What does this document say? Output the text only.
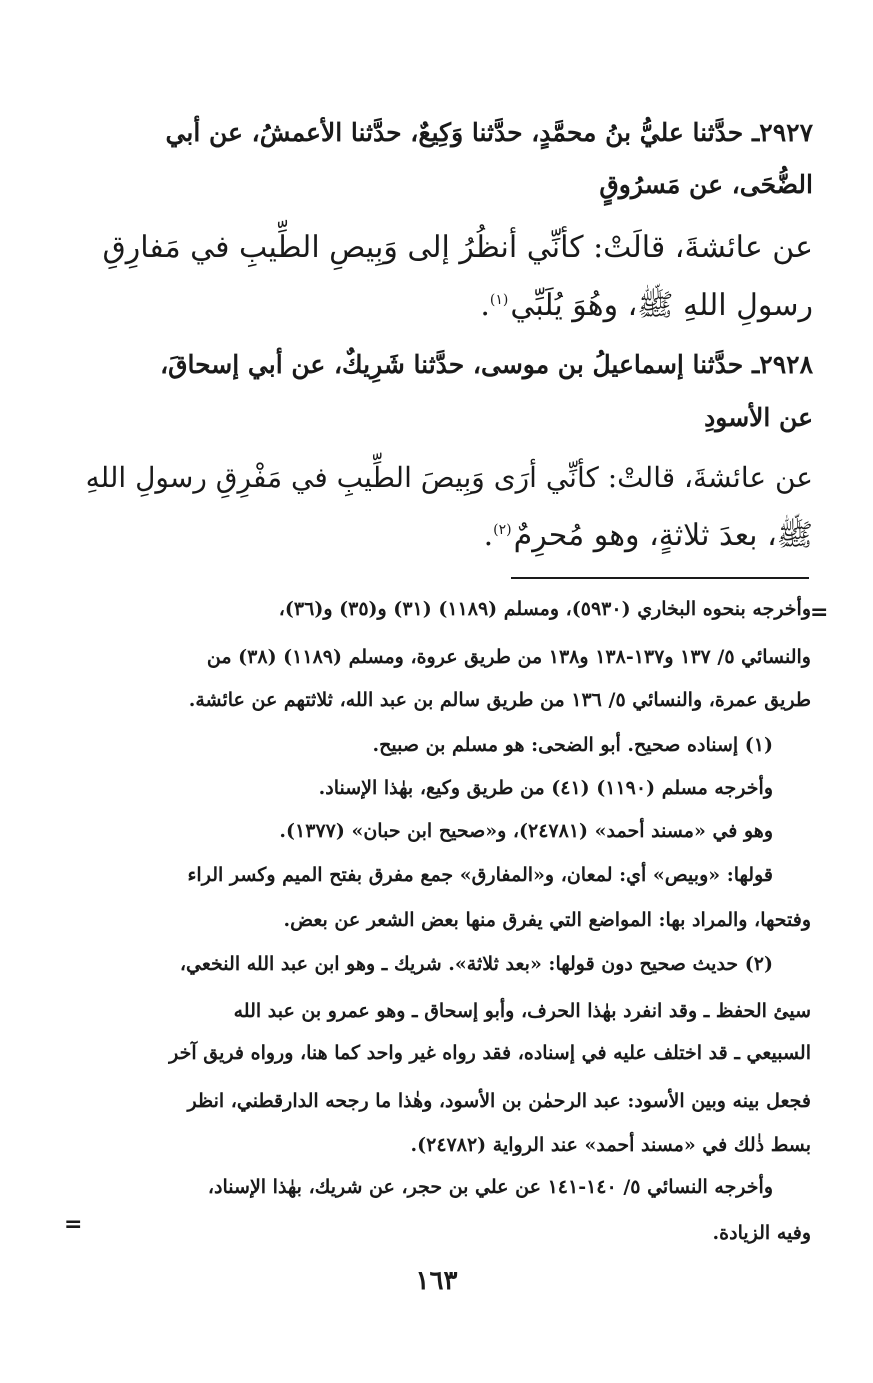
٢٩٢٧ـ حدَّثنا عليُّ بنُ محمَّدٍ، حدَّثنا وَكِيعٌ، حدَّثنا الأعمشُ، عن أبي
الضُّحَى، عن مَسرُوقٍ
عن عائشةَ، قالَتْ: كأنِّي أنظُرُ إلى وَبِيصِ الطِّيبِ في مَفارِقِ
رسولِ اللهِ ﷺ، وهُوَ يُلَبِّي$^{(١)}$.
٢٩٢٨ـ حدَّثنا إسماعيلُ بن موسى، حدَّثنا شَرِيكٌ، عن أبي إسحاقَ،
عن الأسودِ
عن عائشةَ، قالتْ: كأنِّي أرَى وَبِيصَ الطِّيبِ في مَفْرِقِ رسولِ اللهِ
ﷺ، بعدَ ثلاثةٍ، وهو مُحرِمٌ$^{(٢)}$.
=
=
وأخرجه بنحوه البخاري (٥٩٣٠)، ومسلم (١١٨٩) (٣١) و(٣٥) و(٣٦)،
والنسائي ٥/ ١٣٧ و١٣٧-١٣٨ و١٣٨ من طريق عروة، ومسلم (١١٨٩) (٣٨) من
طريق عمرة، والنسائي ٥/ ١٣٦ من طريق سالم بن عبد الله، ثلاثتهم عن عائشة.
(١) إسناده صحيح. أبو الضحى: هو مسلم بن صبيح.
وأخرجه مسلم (١١٩٠) (٤١) من طريق وكيع، بهٰذا الإسناد.
وهو في «مسند أحمد» (٢٤٧٨١)، و«صحيح ابن حبان» (١٣٧٧).
قولها: «وبيص» أي: لمعان، و«المفارق» جمع مفرق بفتح الميم وكسر الراء
وفتحها، والمراد بها: المواضع التي يفرق منها بعض الشعر عن بعض.
(٢) حديث صحيح دون قولها: «بعد ثلاثة». شريك ـ وهو ابن عبد الله النخعي،
سيئ الحفظ ـ وقد انفرد بهٰذا الحرف، وأبو إسحاق ـ وهو عمرو بن عبد الله
السبيعي ـ قد اختلف عليه في إسناده، فقد رواه غير واحد كما هنا، ورواه فريق آخر
فجعل بينه وبين الأسود: عبد الرحمٰن بن الأسود، وهٰذا ما رجحه الدارقطني، انظر
بسط ذٰلك في «مسند أحمد» عند الرواية (٢٤٧٨٢).
وأخرجه النسائي ٥/ ١٤٠-١٤١ عن علي بن حجر، عن شريك، بهٰذا الإسناد،
وفيه الزيادة.
١٦٣
